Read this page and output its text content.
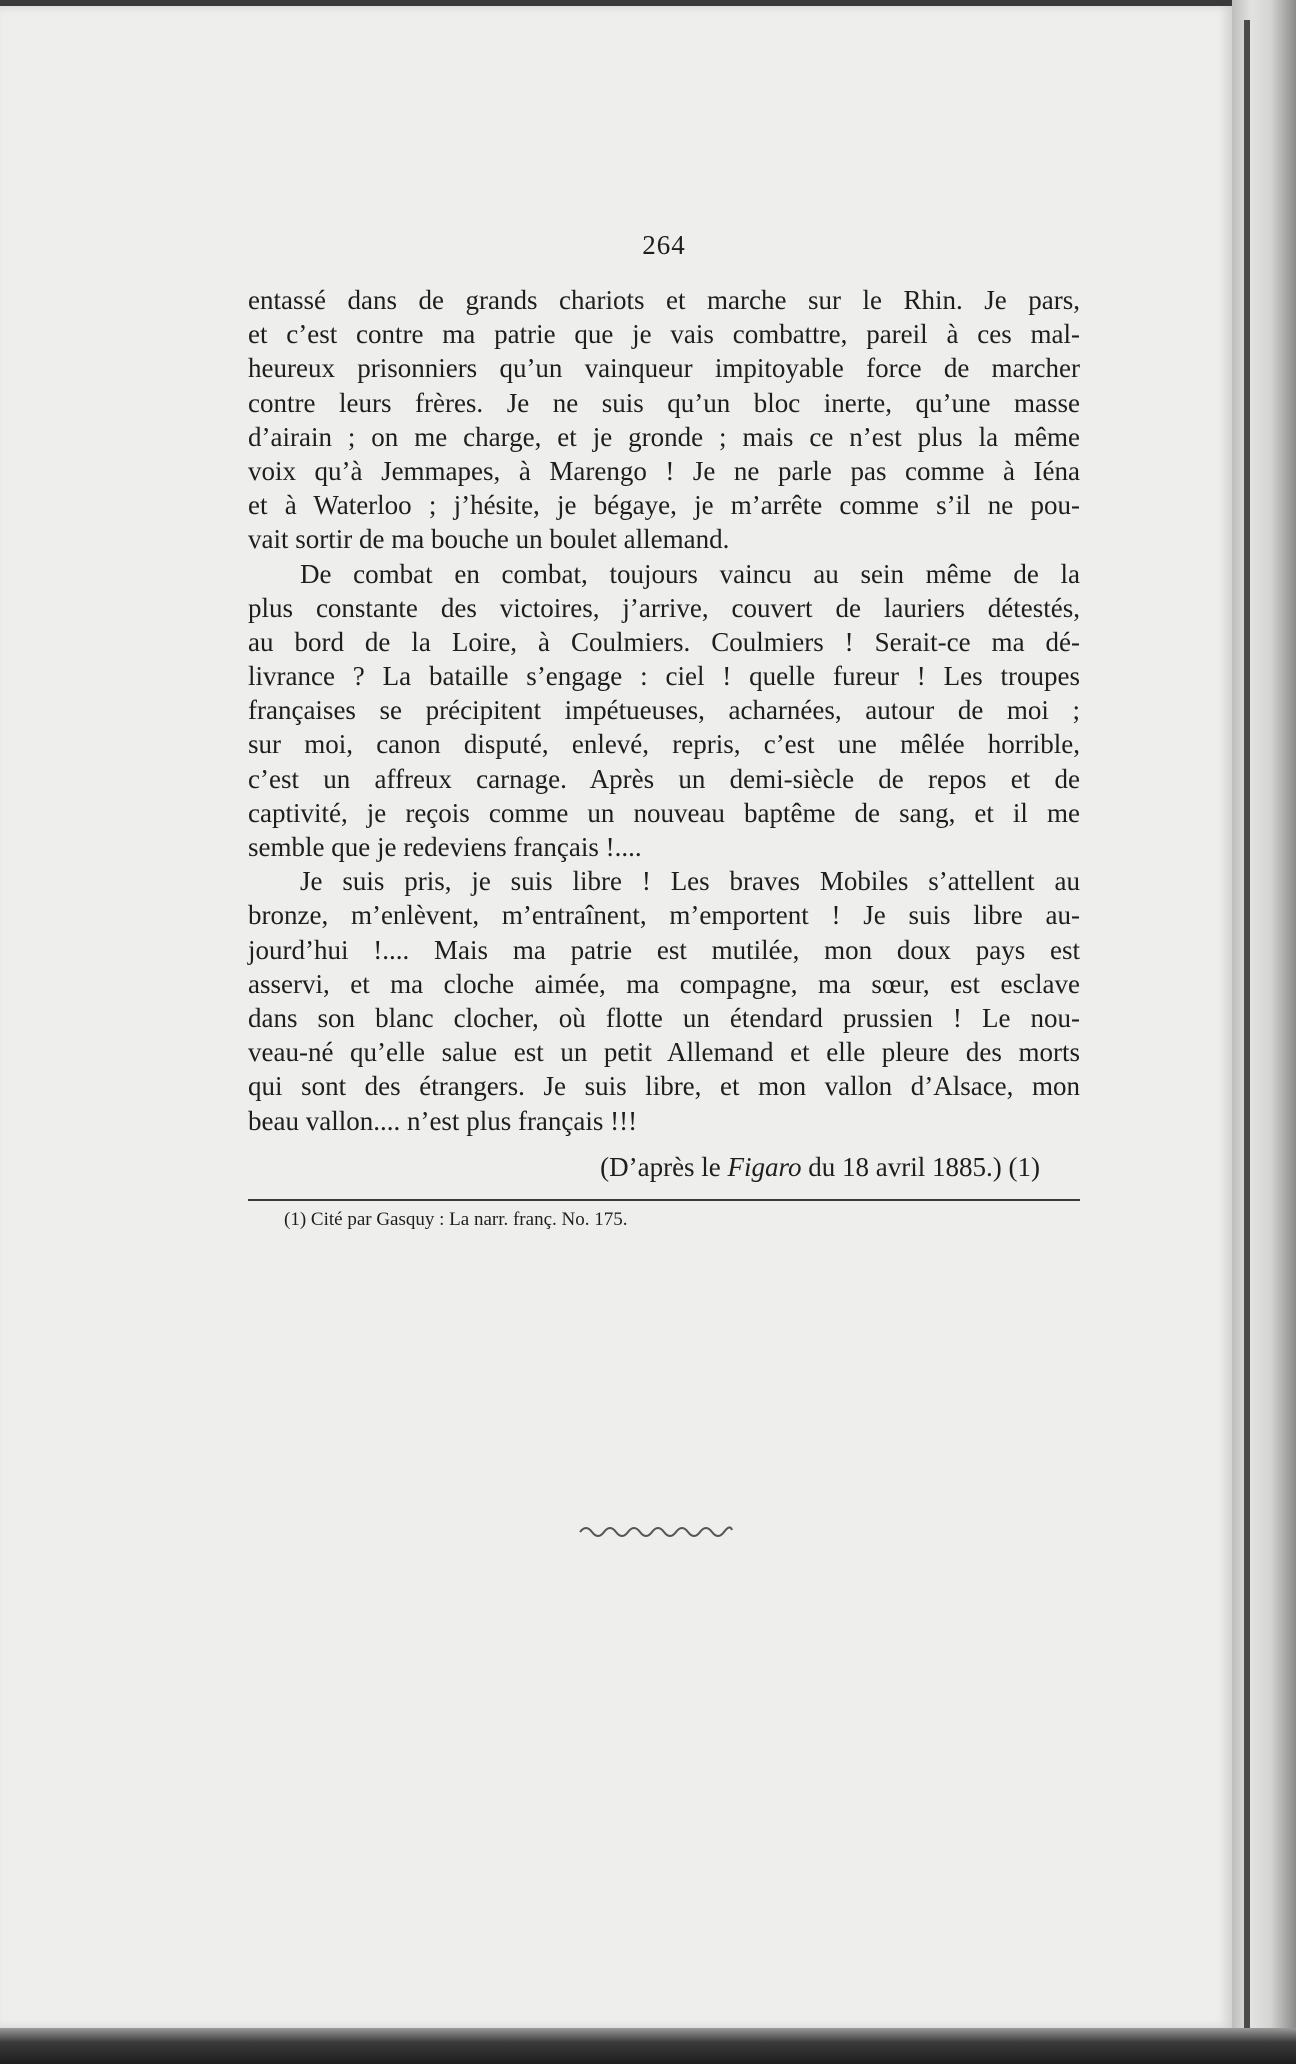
264
entassé dans de grands chariots et marche sur le Rhin. Je pars,
et c’est contre ma patrie que je vais combattre, pareil à ces mal-
heureux prisonniers qu’un vainqueur impitoyable force de marcher
contre leurs frères. Je ne suis qu’un bloc inerte, qu’une masse
d’airain ; on me charge, et je gronde ; mais ce n’est plus la même
voix qu’à Jemmapes, à Marengo ! Je ne parle pas comme à Iéna
et à Waterloo ; j’hésite, je bégaye, je m’arrête comme s’il ne pou-
vait sortir de ma bouche un boulet allemand.
De combat en combat, toujours vaincu au sein même de la
plus constante des victoires, j’arrive, couvert de lauriers détestés,
au bord de la Loire, à Coulmiers. Coulmiers ! Serait-ce ma dé-
livrance ? La bataille s’engage : ciel ! quelle fureur ! Les troupes
françaises se précipitent impétueuses, acharnées, autour de moi ;
sur moi, canon disputé, enlevé, repris, c’est une mêlée horrible,
c’est un affreux carnage. Après un demi-siècle de repos et de
captivité, je reçois comme un nouveau baptême de sang, et il me
semble que je redeviens français !....
Je suis pris, je suis libre ! Les braves Mobiles s’attellent au
bronze, m’enlèvent, m’entraînent, m’emportent ! Je suis libre au-
jourd’hui !.... Mais ma patrie est mutilée, mon doux pays est
asservi, et ma cloche aimée, ma compagne, ma sœur, est esclave
dans son blanc clocher, où flotte un étendard prussien ! Le nou-
veau-né qu’elle salue est un petit Allemand et elle pleure des morts
qui sont des étrangers. Je suis libre, et mon vallon d’Alsace, mon
beau vallon.... n’est plus français !!!
(D’après le Figaro du 18 avril 1885.) (1)
(1) Cité par Gasquy : La narr. franç. No. 175.
